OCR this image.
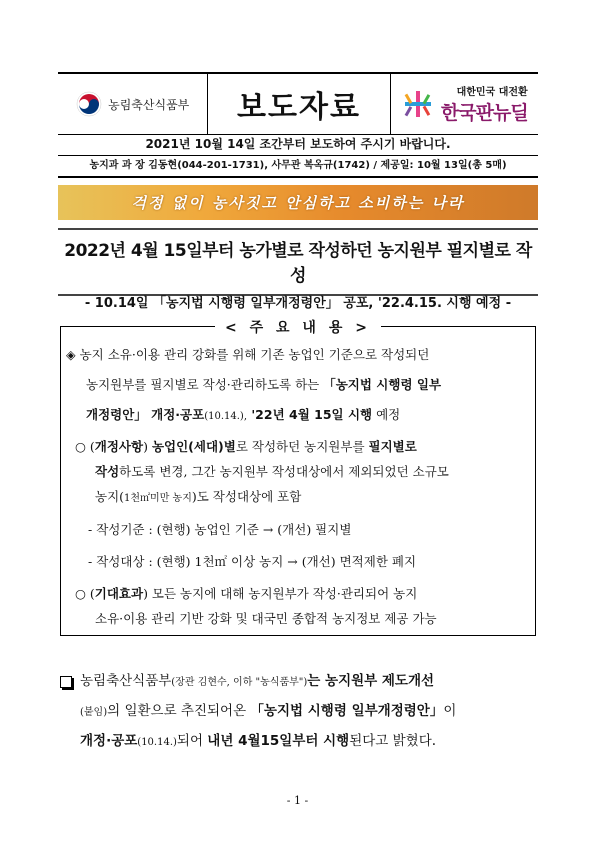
농림축산식품부 보도자료	대한민국 대전환
한국판뉴딜
2021년 10월 14일 조간부터 보도하여 주시기 바랍니다.
농지과 과 장 김동현(044-201-1731), 사무관 복옥규(1742) / 제공일: 10월 13일(총 5매)
걱정 없이 농사짓고 안심하고 소비하는 나라
2022년 4월 15일부터 농가별로 작성하던 농지원부 필지별로 작성
- 10.14일 「농지법 시행령 일부개정령안」 공포, '22.4.15. 시행 예정 -
< 주 요 내 용 >
◈ 농지 소유·이용 관리 강화를 위해 기존 농업인 기준으로 작성되던
농지원부를 필지별로 작성·관리하도록 하는 「농지법 시행령 일부
개정령안」 개정·공포(10.14.), '22년 4월 15일 시행 예정
○ (개정사항) 농업인(세대)별로 작성하던 농지원부를 필지별로
작성하도록 변경, 그간 농지원부 작성대상에서 제외되었던 소규모
농지(1천㎡미만 농지)도 작성대상에 포함
- 작성기준 : (현행) 농업인 기준 → (개선) 필지별
- 작성대상 : (현행) 1천㎡ 이상 농지 → (개선) 면적제한 폐지
○ (기대효과) 모든 농지에 대해 농지원부가 작성·관리되어 농지
소유·이용 관리 기반 강화 및 대국민 종합적 농지정보 제공 가능
농림축산식품부(장관 김현수, 이하 "농식품부")는 농지원부 제도개선
(붙임)의 일환으로 추진되어온 「농지법 시행령 일부개정령안」이
개정·공포(10.14.)되어 내년 4월15일부터 시행된다고 밝혔다.
- 1 -
